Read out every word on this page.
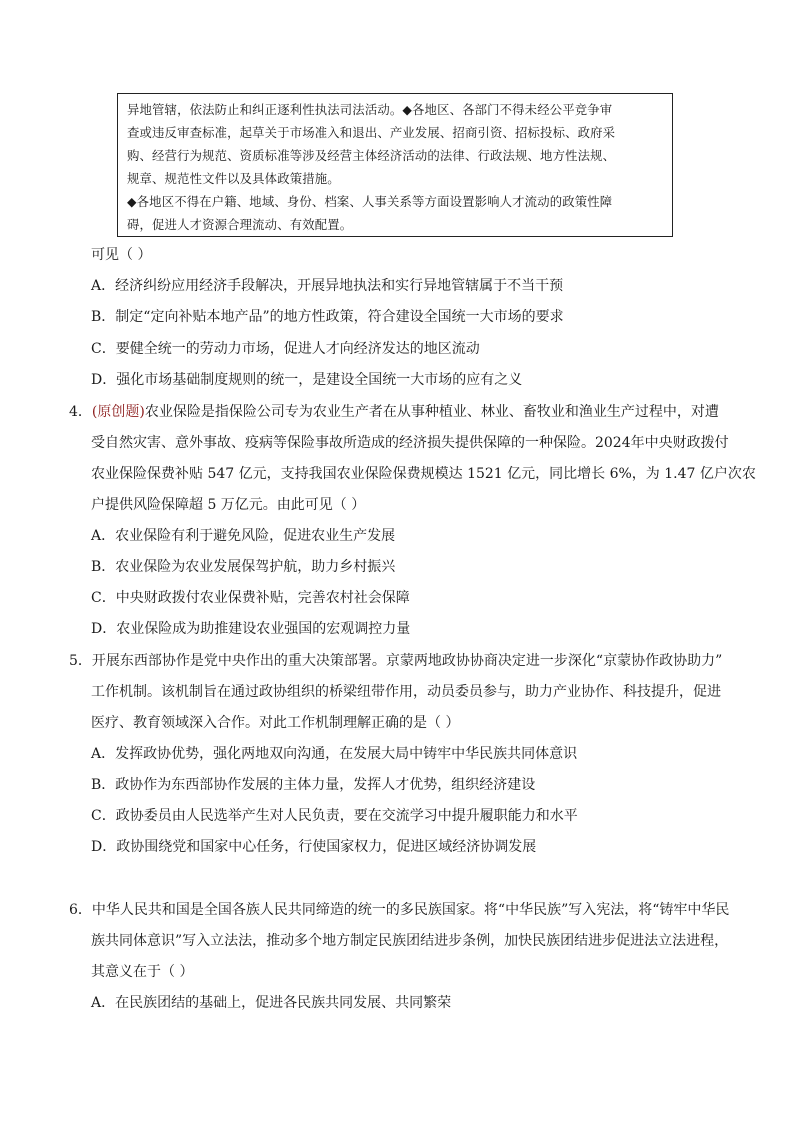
异地管辖，依法防止和纠正逐利性执法司法活动。◆各地区、各部门不得未经公平竞争审
查或违反审查标准，起草关于市场准入和退出、产业发展、招商引资、招标投标、政府采
购、经营行为规范、资质标准等涉及经营主体经济活动的法律、行政法规、地方性法规、
规章、规范性文件以及具体政策措施。
◆各地区不得在户籍、地域、身份、档案、人事关系等方面设置影响人才流动的政策性障
碍，促进人才资源合理流动、有效配置。
可见（ ）
A．经济纠纷应用经济手段解决，开展异地执法和实行异地管辖属于不当干预
B．制定“定向补贴本地产品”的地方性政策，符合建设全国统一大市场的要求
C．要健全统一的劳动力市场，促进人才向经济发达的地区流动
D．强化市场基础制度规则的统一，是建设全国统一大市场的应有之义
4．(原创题)农业保险是指保险公司专为农业生产者在从事种植业、林业、畜牧业和渔业生产过程中，对遭
受自然灾害、意外事故、疫病等保险事故所造成的经济损失提供保障的一种保险。2024年中央财政拨付
农业保险保费补贴 547 亿元，支持我国农业保险保费规模达 1521 亿元，同比增长 6%，为 1.47 亿户次农
户提供风险保障超 5 万亿元。由此可见（ ）
A．农业保险有利于避免风险，促进农业生产发展
B．农业保险为农业发展保驾护航，助力乡村振兴
C．中央财政拨付农业保费补贴，完善农村社会保障
D．农业保险成为助推建设农业强国的宏观调控力量
5．开展东西部协作是党中央作出的重大决策部署。京蒙两地政协协商决定进一步深化“京蒙协作政协助力”
工作机制。该机制旨在通过政协组织的桥梁纽带作用，动员委员参与，助力产业协作、科技提升，促进
医疗、教育领域深入合作。对此工作机制理解正确的是（ ）
A．发挥政协优势，强化两地双向沟通，在发展大局中铸牢中华民族共同体意识
B．政协作为东西部协作发展的主体力量，发挥人才优势，组织经济建设
C．政协委员由人民选举产生对人民负责，要在交流学习中提升履职能力和水平
D．政协围绕党和国家中心任务，行使国家权力，促进区域经济协调发展
6．中华人民共和国是全国各族人民共同缔造的统一的多民族国家。将“中华民族”写入宪法，将“铸牢中华民
族共同体意识”写入立法法，推动多个地方制定民族团结进步条例，加快民族团结进步促进法立法进程，
其意义在于（ ）
A．在民族团结的基础上，促进各民族共同发展、共同繁荣
